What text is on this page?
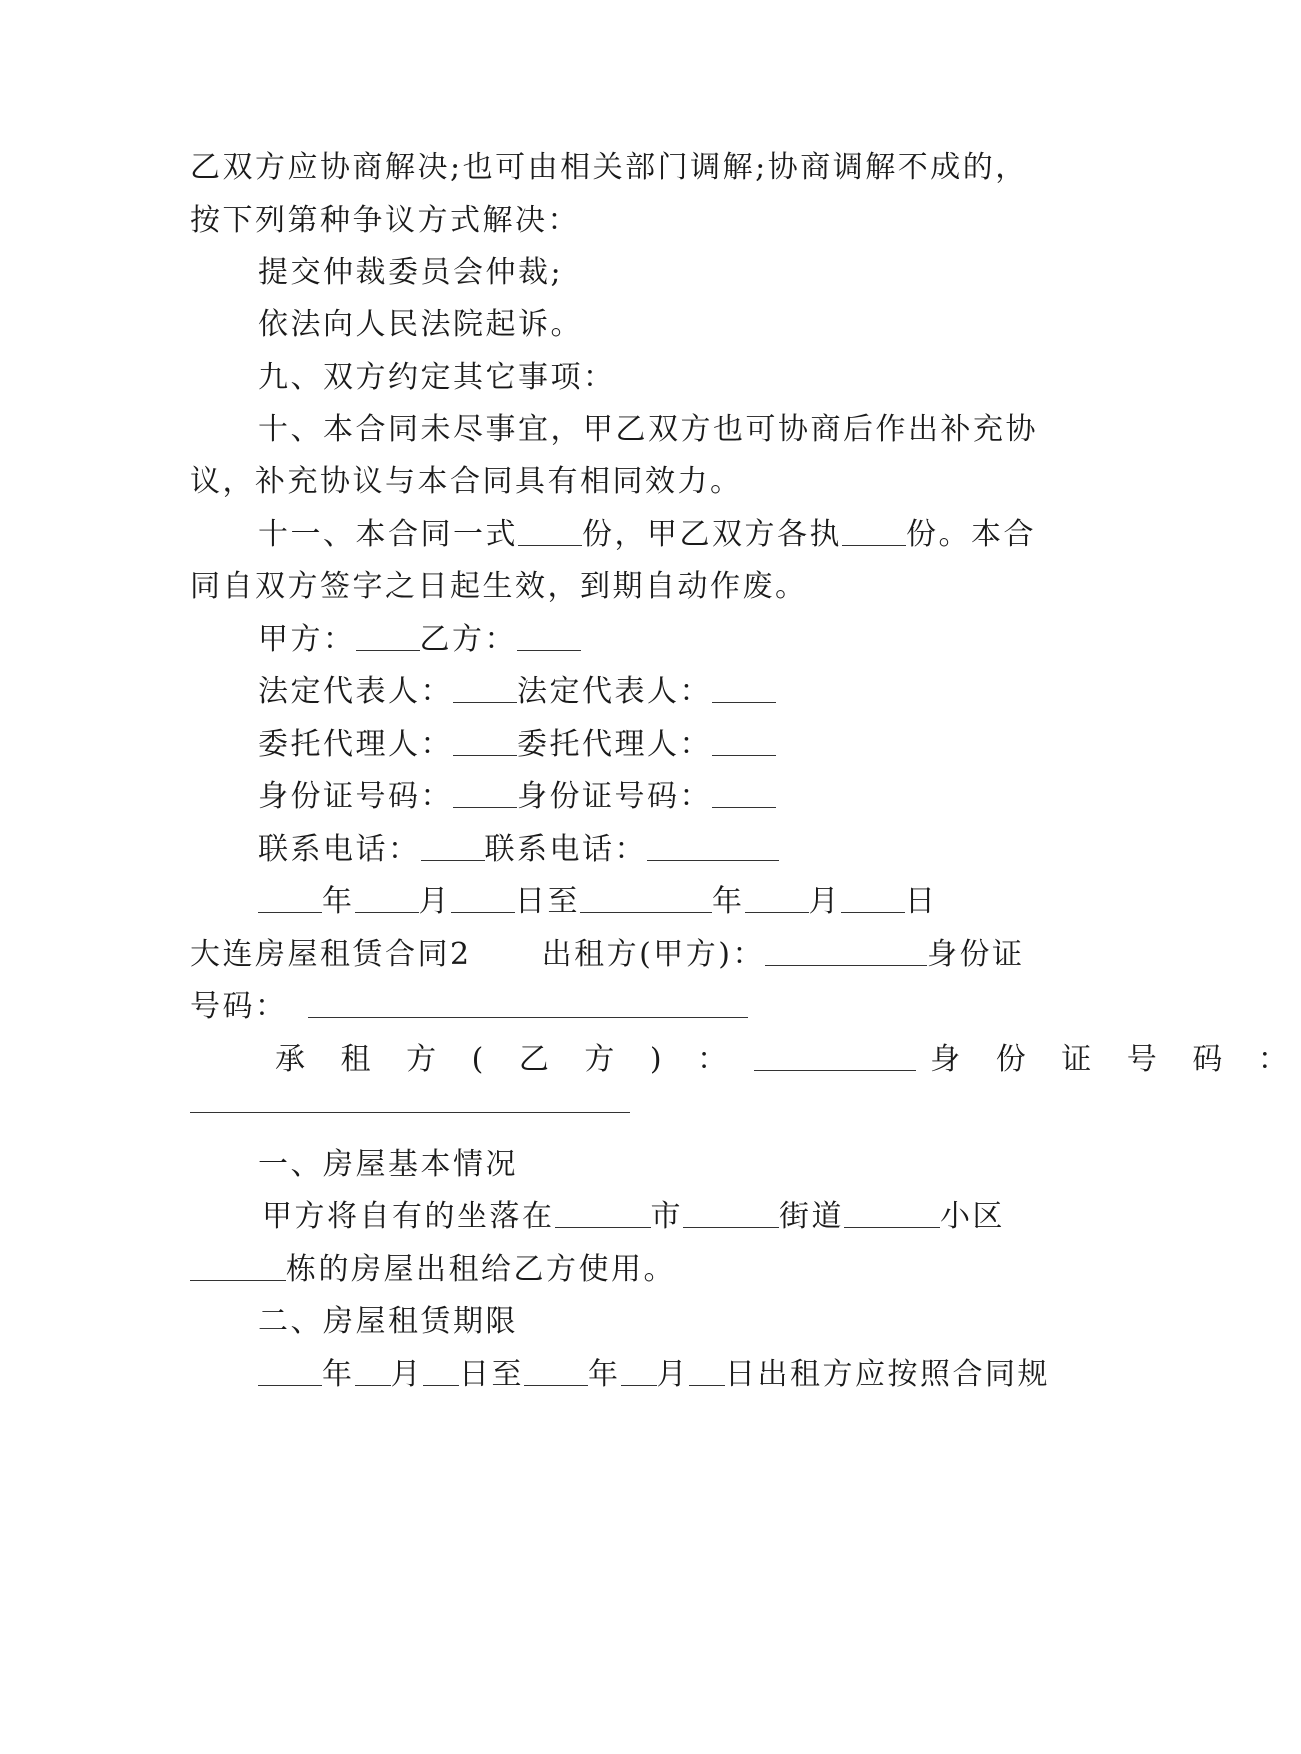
乙双方应协商解决;也可由相关部门调解;协商调解不成的，
按下列第种争议方式解决：
提交仲裁委员会仲裁;
依法向人民法院起诉。
九、双方约定其它事项：
十、本合同未尽事宜，甲乙双方也可协商后作出补充协
议，补充协议与本合同具有相同效力。
十一、本合同一式 份，甲乙双方各执 份。本合
同自双方签字之日起生效，到期自动作废。
甲方： 乙方：
法定代表人： 法定代表人：
委托代理人： 委托代理人：
身份证号码： 身份证号码：
联系电话： 联系电话：
年 月 日至	年 月 日
大连房屋租赁合同2 出租方(甲方)：	身份证
号码：
承 租 方 ( 乙 方 ) ：	身 份 证 号 码 ：
一、房屋基本情况
甲方将自有的坐落在	市	街道	小区
栋的房屋出租给乙方使用。
二、房屋租赁期限
年 月 日至 年 月 日出租方应按照合同规
